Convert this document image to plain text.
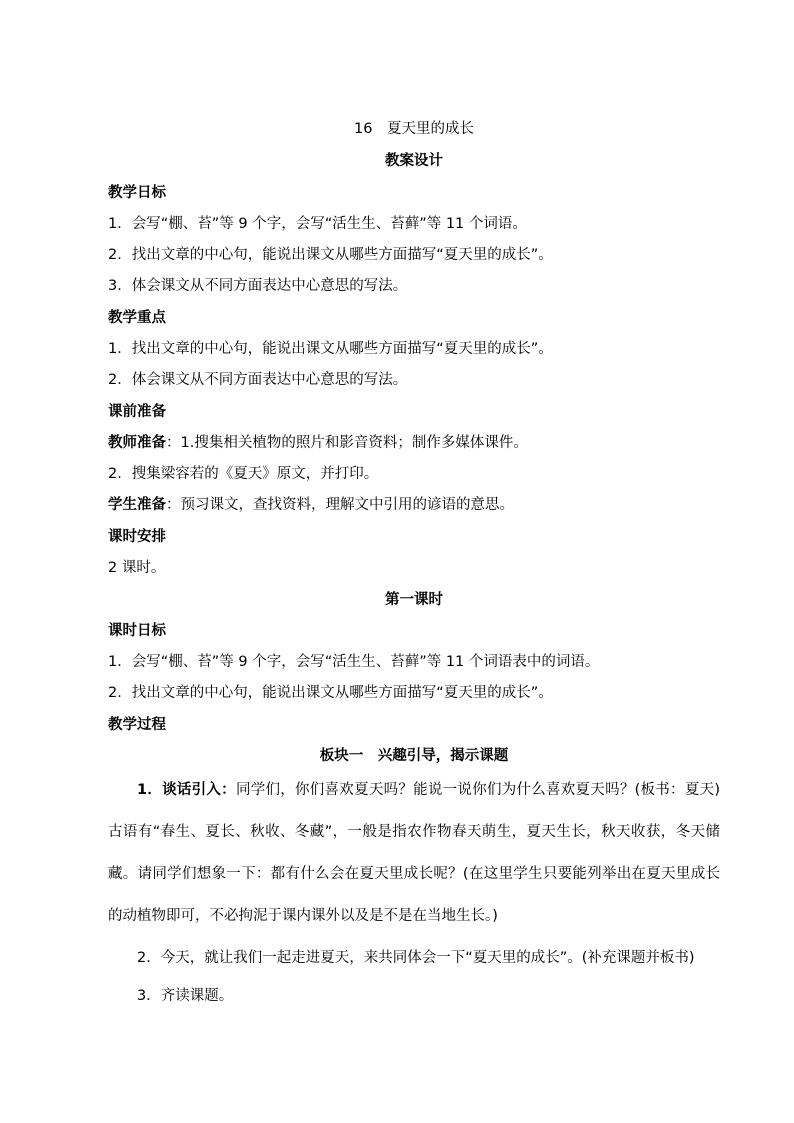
16　夏天里的成长
教案设计
教学日标
1．会写“棚、苔”等 9 个字，会写“活生生、苔藓”等 11 个词语。
2．找出文章的中心句，能说出课文从哪些方面描写“夏天里的成长”。
3．体会课文从不同方面表达中心意思的写法。
教学重点
1．找出文章的中心句，能说出课文从哪些方面描写“夏天里的成长”。
2．体会课文从不同方面表达中心意思的写法。
课前准备
教师准备：1.搜集相关植物的照片和影音资料；制作多媒体课件。
2．搜集梁容若的《夏天》原文，并打印。
学生准备：预习课文，查找资料，理解文中引用的谚语的意思。
课时安排
2 课时。
第一课时
课时日标
1．会写“棚、苔”等 9 个字，会写“活生生、苔藓”等 11 个词语表中的词语。
2．找出文章的中心句，能说出课文从哪些方面描写“夏天里的成长”。
教学过程
板块一　兴趣引导，揭示课题
1．谈话引入：同学们，你们喜欢夏天吗？能说一说你们为什么喜欢夏天吗？(板书：夏天)古语有“春生、夏长、秋收、冬藏”，一般是指农作物春天萌生，夏天生长，秋天收获，冬天储藏。请同学们想象一下：都有什么会在夏天里成长呢？(在这里学生只要能列举出在夏天里成长的动植物即可，不必拘泥于课内课外以及是不是在当地生长。)
2．今天，就让我们一起走进夏天，来共同体会一下“夏天里的成长”。(补充课题并板书)
3．齐读课题。
